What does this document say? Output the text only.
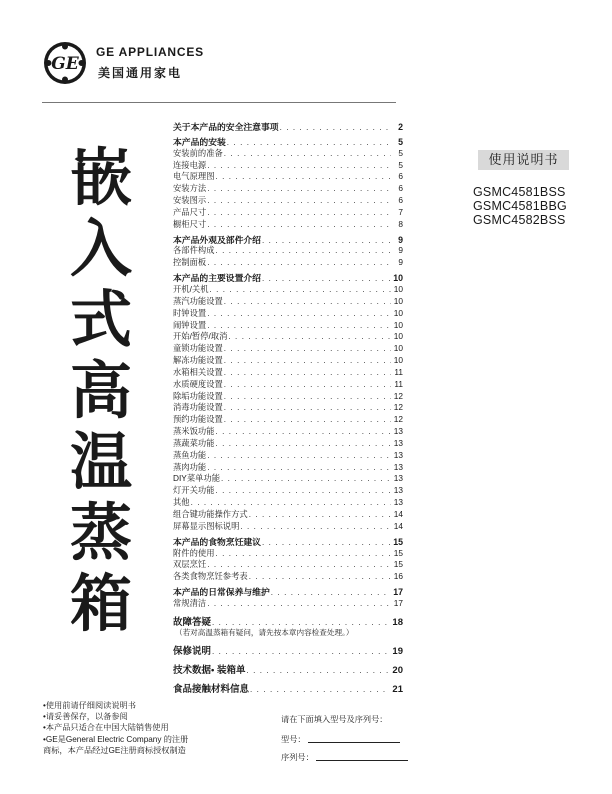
GE
GE APPLIANCES
美国通用家电
嵌
入
式
高
温
蒸
箱
使用说明书
GSMC4581BSS
GSMC4581BBG
GSMC4582BSS
关于本产品的安全注意事项 . . .	2
本产品的安装 . . .	5
安装前的准备 . . .	5
连接电源 . . .	5
电气原理图 . . .	6
安装方法 . . .	6
安装图示 . . .	6
产品尺寸 . . .	7
橱柜尺寸 . . .	8
本产品外观及部件介绍 . . .	9
各部件构成 . . .	9
控制面板 . . .	9
本产品的主要设置介绍 . . .	10
开机/关机 . . .	10
蒸汽功能设置 . . .	10
时钟设置 . . .	10
闹钟设置 . . .	10
开始/暂停/取消 . . .	10
童锁功能设置 . . .	10
解冻功能设置 . . .	10
水箱相关设置 . . .	11
水质硬度设置 . . .	11
除垢功能设置 . . .	12
消毒功能设置 . . .	12
预约功能设置 . . .	12
蒸米饭功能 . . .	13
蒸蔬菜功能 . . .	13
蒸鱼功能 . . .	13
蒸肉功能 . . .	13
DIY菜单功能 . . .	13
灯开关功能 . . .	13
其他 . . .	13
组合键功能操作方式 . . .	14
屏幕显示图标说明 . . .	14
本产品的食物烹饪建议 . . .	15
附件的使用 . . .	15
双层烹饪 . . .	15
各类食物烹饪参考表 . . .	16
本产品的日常保养与维护 . . .	17
常规清洁 . . .	17
故障答疑 . . .	18
（若对高温蒸箱有疑问，请先按本章内容检查处理。）
保修说明 . . .	19
技术数据• 装箱单 . . .	20
食品接触材料信息 . . .	21
•使用前请仔细阅读说明书
•请妥善保存，以备参阅
•本产品只适合在中国大陆销售使用
•GE是General Electric Company 的注册
商标，本产品经过GE注册商标授权制造
请在下面填入型号及序列号：
型号：
序列号：
